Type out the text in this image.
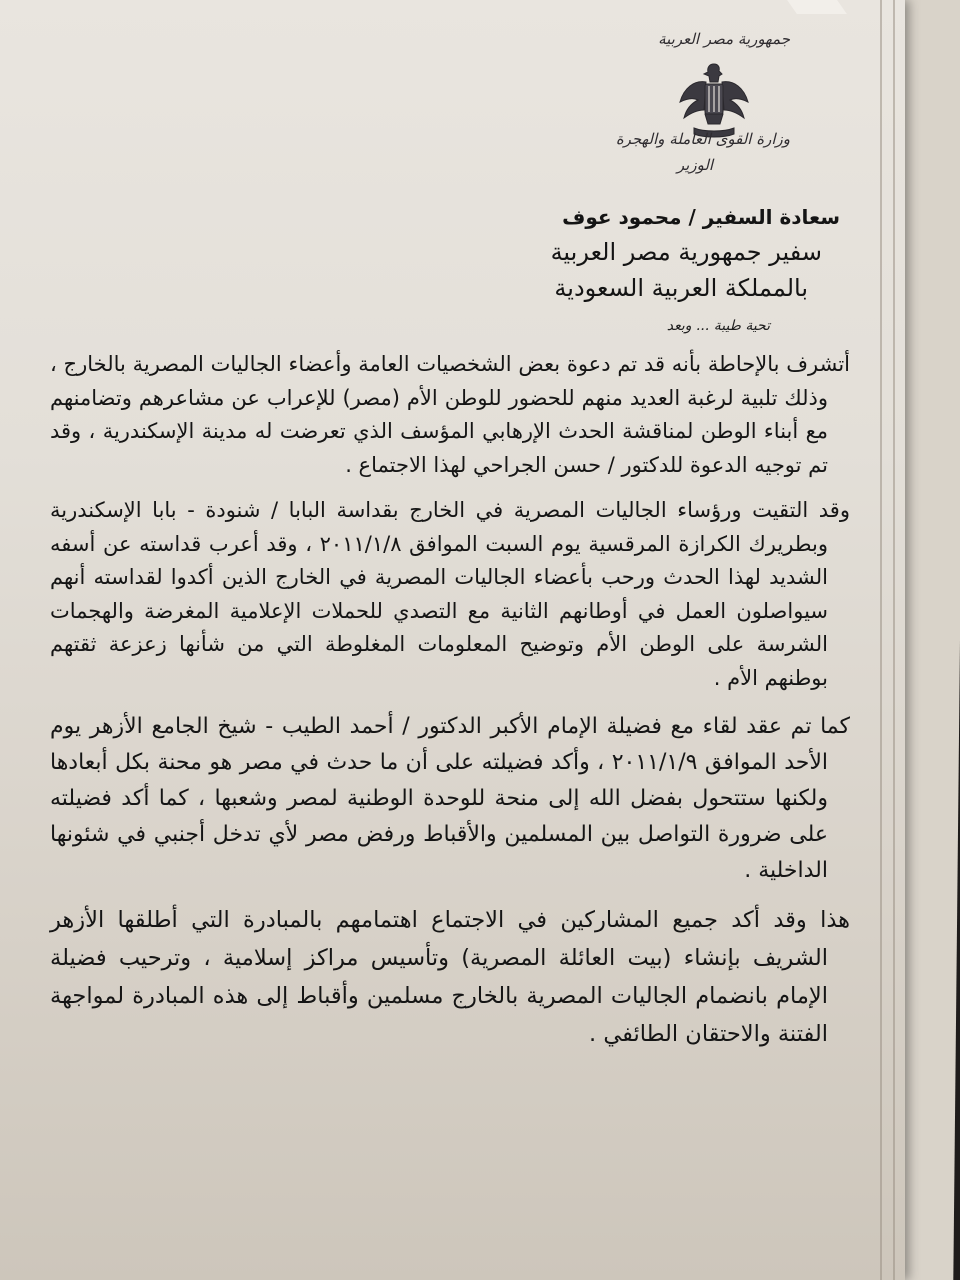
جمهورية مصر العربية
وزارة القوى العاملة والهجرة
الوزير
سعادة السفير / محمود عوف
سفير جمهورية مصر العربية
بالمملكة العربية السعودية
تحية طيبة ... وبعد

أتشرف بالإحاطة بأنه قد تم دعوة بعض الشخصيات العامة وأعضاء الجاليات المصرية بالخارج ، وذلك تلبية لرغبة العديد منهم للحضور للوطن الأم (مصر) للإعراب عن مشاعرهم وتضامنهم مع أبناء الوطن لمناقشة الحدث الإرهابي المؤسف الذي تعرضت له مدينة الإسكندرية ، وقد تم توجيه الدعوة للدكتور / حسن الجراحي لهذا الاجتماع .

وقد التقيت ورؤساء الجاليات المصرية في الخارج بقداسة البابا / شنودة - بابا الإسكندرية وبطريرك الكرازة المرقسية يوم السبت الموافق ٢٠١١/١/٨ ، وقد أعرب قداسته عن أسفه الشديد لهذا الحدث ورحب بأعضاء الجاليات المصرية في الخارج الذين أكدوا لقداسته أنهم سيواصلون العمل في أوطانهم الثانية مع التصدي للحملات الإعلامية المغرضة والهجمات الشرسة على الوطن الأم وتوضيح المعلومات المغلوطة التي من شأنها زعزعة ثقتهم بوطنهم الأم .

كما تم عقد لقاء مع فضيلة الإمام الأكبر الدكتور / أحمد الطيب - شيخ الجامع الأزهر يوم الأحد الموافق ٢٠١١/١/٩ ، وأكد فضيلته على أن ما حدث في مصر هو محنة بكل أبعادها ولكنها ستتحول بفضل الله إلى منحة للوحدة الوطنية لمصر وشعبها ، كما أكد فضيلته على ضرورة التواصل بين المسلمين والأقباط ورفض مصر لأي تدخل أجنبي في شئونها الداخلية .

هذا وقد أكد جميع المشاركين في الاجتماع اهتمامهم بالمبادرة التي أطلقها الأزهر الشريف بإنشاء (بيت العائلة المصرية) وتأسيس مراكز إسلامية ، وترحيب فضيلة الإمام بانضمام الجاليات المصرية بالخارج مسلمين وأقباط إلى هذه المبادرة لمواجهة الفتنة والاحتقان الطائفي .
